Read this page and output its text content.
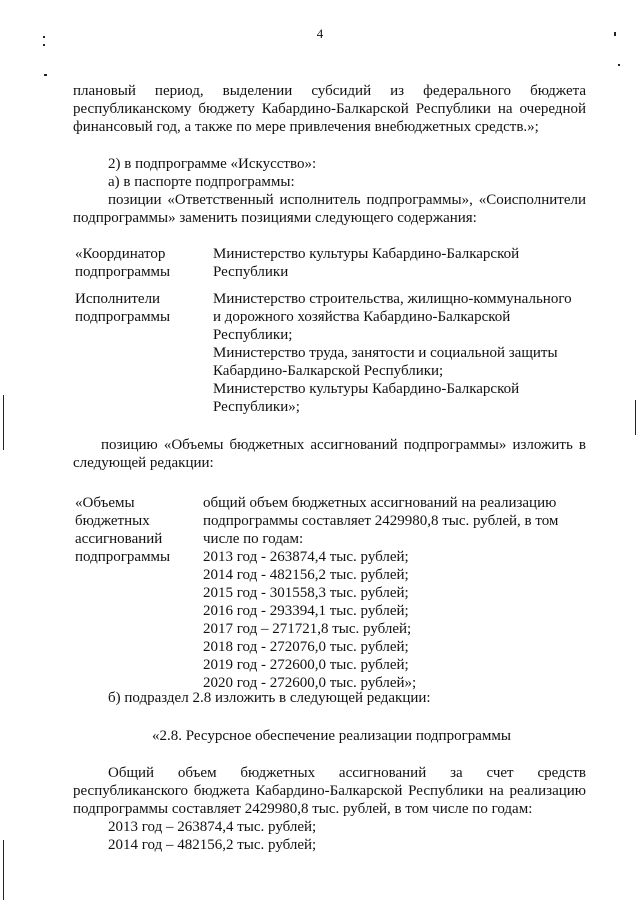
4
плановый период, выделении субсидий из федерального бюджета
республиканскому бюджету Кабардино-Балкарской Республики на очередной
финансовый год, а также по мере привлечения внебюджетных средств.»;
2) в подпрограмме «Искусство»:
а) в паспорте подпрограммы:
позиции «Ответственный исполнитель подпрограммы», «Соисполнители
подпрограммы» заменить позициями следующего содержания:
«Координатор
подпрограммы
Министерство культуры Кабардино-Балкарской
Республики
Исполнители
подпрограммы
Министерство строительства, жилищно-коммунального
и дорожного хозяйства Кабардино-Балкарской
Республики;
Министерство труда, занятости и социальной защиты
Кабардино-Балкарской Республики;
Министерство культуры Кабардино-Балкарской
Республики»;
позицию «Объемы бюджетных ассигнований подпрограммы» изложить в
следующей редакции:
«Объемы
бюджетных
ассигнований
подпрограммы
общий объем бюджетных ассигнований на реализацию
подпрограммы составляет 2429980,8 тыс. рублей, в том
числе по годам:
2013 год - 263874,4 тыс. рублей;
2014 год - 482156,2 тыс. рублей;
2015 год - 301558,3 тыс. рублей;
2016 год - 293394,1 тыс. рублей;
2017 год – 271721,8 тыс. рублей;
2018 год - 272076,0 тыс. рублей;
2019 год - 272600,0 тыс. рублей;
2020 год - 272600,0 тыс. рублей»;
б) подраздел 2.8 изложить в следующей редакции:
«2.8. Ресурсное обеспечение реализации подпрограммы
Общий объем бюджетных ассигнований за счет средств
республиканского бюджета Кабардино-Балкарской Республики на реализацию
подпрограммы составляет 2429980,8 тыс. рублей, в том числе по годам:
2013 год – 263874,4 тыс. рублей;
2014 год – 482156,2 тыс. рублей;
